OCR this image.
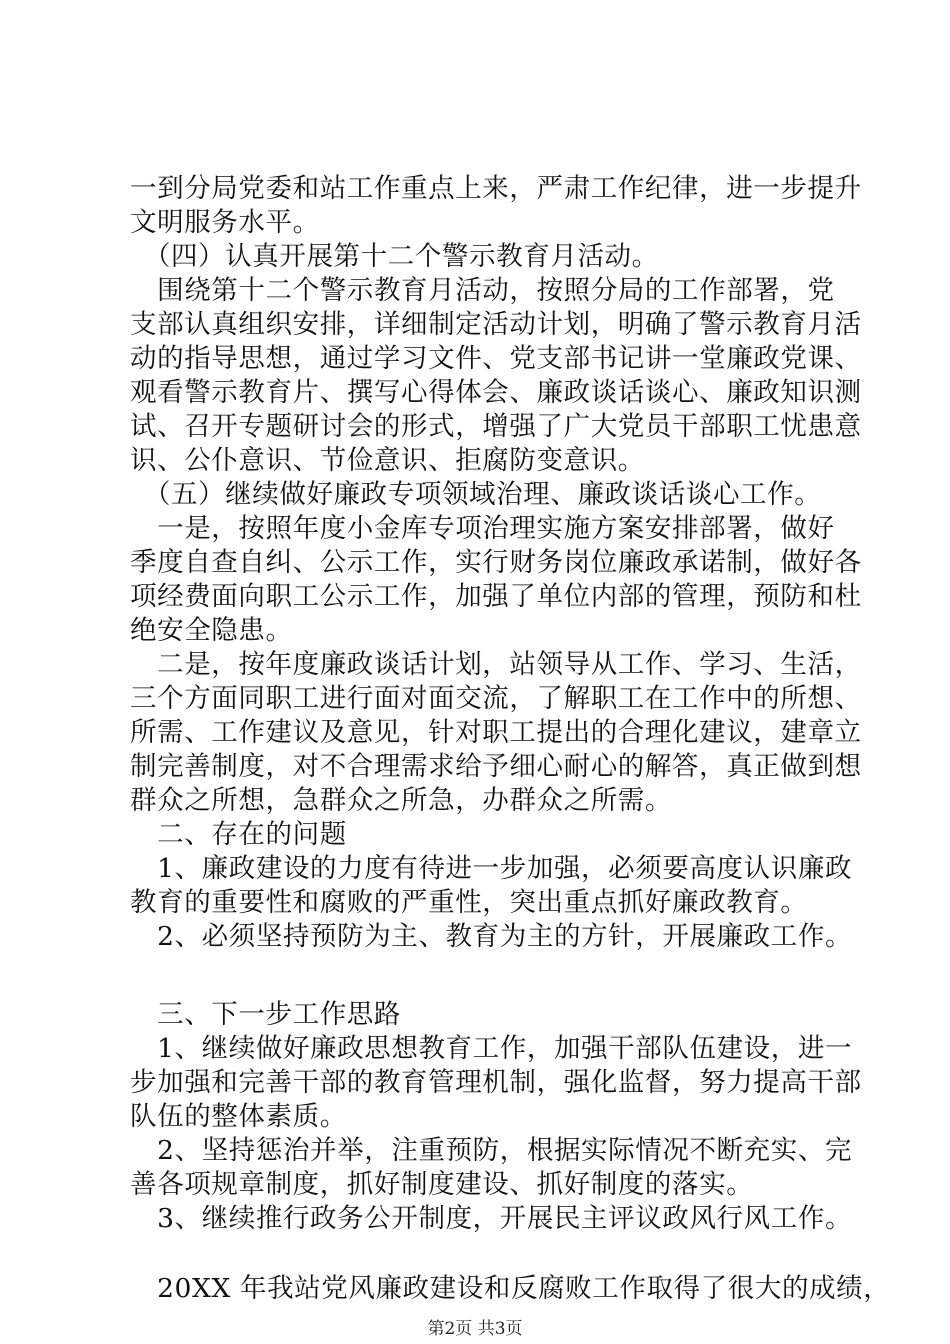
一到分局党委和站工作重点上来，严肃工作纪律，进一步提升
文明服务水平。
　（四）认真开展第十二个警示教育月活动。
　围绕第十二个警示教育月活动，按照分局的工作部署，党
支部认真组织安排，详细制定活动计划，明确了警示教育月活
动的指导思想，通过学习文件、党支部书记讲一堂廉政党课、
观看警示教育片、撰写心得体会、廉政谈话谈心、廉政知识测
试、召开专题研讨会的形式，增强了广大党员干部职工忧患意
识、公仆意识、节俭意识、拒腐防变意识。
　（五）继续做好廉政专项领域治理、廉政谈话谈心工作。
　一是，按照年度小金库专项治理实施方案安排部署，做好
季度自查自纠、公示工作，实行财务岗位廉政承诺制，做好各
项经费面向职工公示工作，加强了单位内部的管理，预防和杜
绝安全隐患。
　二是，按年度廉政谈话计划，站领导从工作、学习、生活，
三个方面同职工进行面对面交流，了解职工在工作中的所想、
所需、工作建议及意见，针对职工提出的合理化建议，建章立
制完善制度，对不合理需求给予细心耐心的解答，真正做到想
群众之所想，急群众之所急，办群众之所需。
　二、存在的问题
　1、廉政建设的力度有待进一步加强，必须要高度认识廉政
教育的重要性和腐败的严重性，突出重点抓好廉政教育。
　2、必须坚持预防为主、教育为主的方针，开展廉政工作。
　三、下一步工作思路
　1、继续做好廉政思想教育工作，加强干部队伍建设，进一
步加强和完善干部的教育管理机制，强化监督，努力提高干部
队伍的整体素质。
　2、坚持惩治并举，注重预防，根据实际情况不断充实、完
善各项规章制度，抓好制度建设、抓好制度的落实。
　3、继续推行政务公开制度，开展民主评议政风行风工作。
　20XX 年我站党风廉政建设和反腐败工作取得了很大的成绩，
第2页 共3页
